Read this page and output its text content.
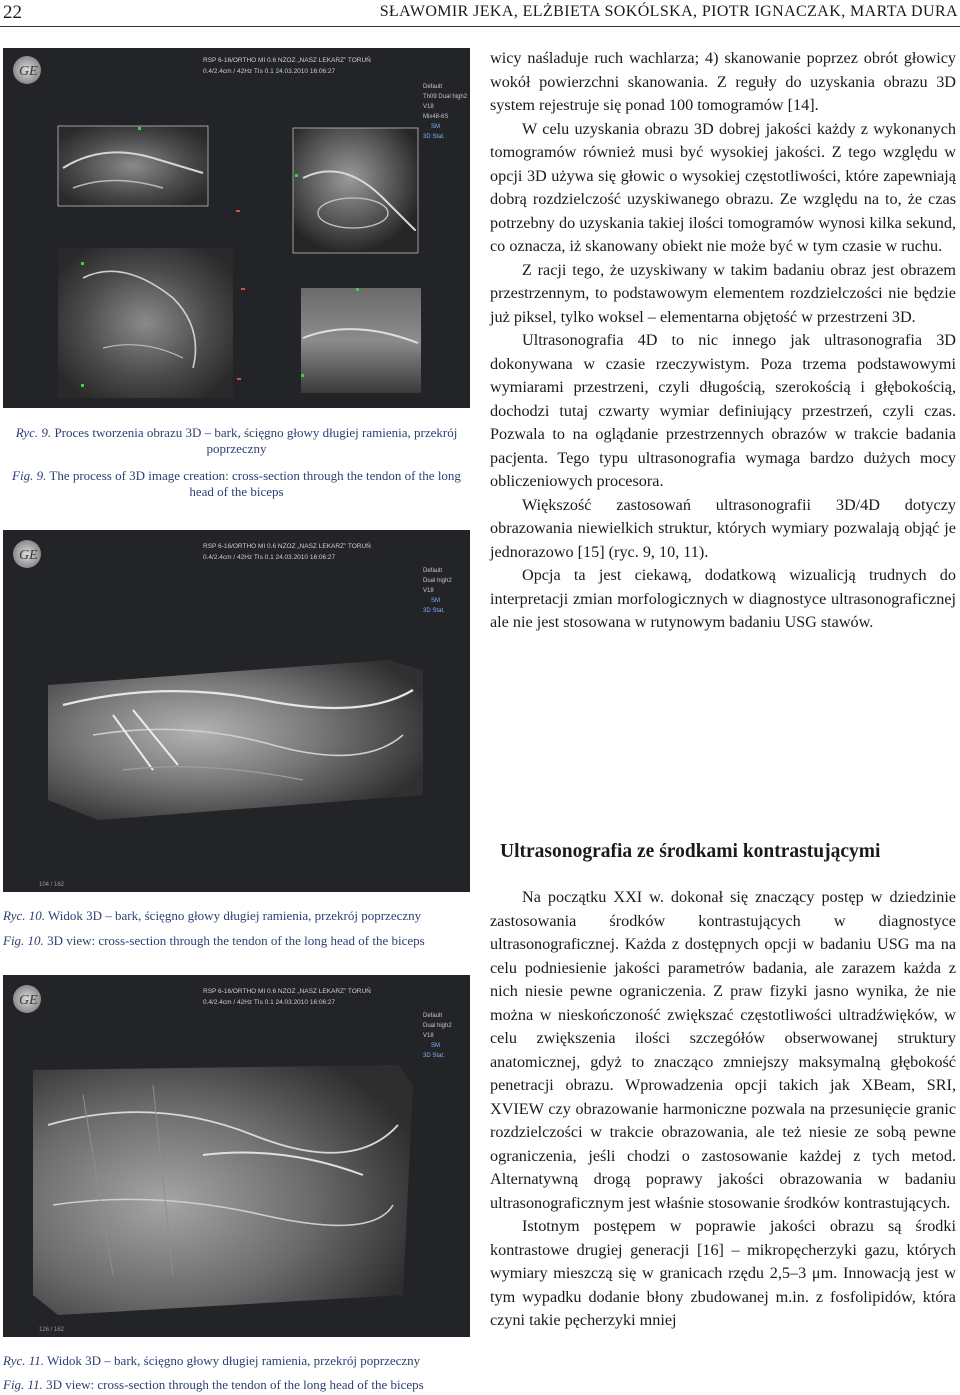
22	SŁAWOMIR JEKA, ELŻBIETA SOKÓLSKA, PIOTR IGNACZAK, MARTA DURA
GE
RSP 6-16/ORTHO MI 0.6 NZOZ „NASZ LEKARZ” TORUŃ
0.4/2.4cm / 42Hz TIs 0.1 24.03.2010 16:06:27
Default
Th09 Dual high2
V18
Mix48-6S
SM
3D Stat.
Ryc. 9. Proces tworzenia obrazu 3D – bark, ścięgno głowy długiej ramienia, przekrój poprzeczny
Fig. 9. The process of 3D image creation: cross-section through the tendon of the long head of the biceps
GE
RSP 6-16/ORTHO MI 0.6 NZOZ „NASZ LEKARZ” TORUŃ
0.4/2.4cm / 42Hz TIs 0.1 24.03.2010 16:06:27
Default
Dual high2
V18
SM
3D Stat.
104 / 162
Ryc. 10. Widok 3D – bark, ścięgno głowy długiej ramienia, przekrój poprzeczny
Fig. 10. 3D view: cross-section through the tendon of the long head of the biceps
GE
RSP 6-16/ORTHO MI 0.6 NZOZ „NASZ LEKARZ” TORUŃ
0.4/2.4cm / 42Hz TIs 0.1 24.03.2010 16:06:27
Default
Dual high2
V18
SM
3D Stat.
126 / 162
Ryc. 11. Widok 3D – bark, ścięgno głowy długiej ramienia, przekrój poprzeczny
Fig. 11. 3D view: cross-section through the tendon of the long head of the biceps

wicy naśladuje ruch wachlarza; 4) skanowanie poprzez obrót głowicy wokół powierzchni skanowania. Z reguły do uzyskania obrazu 3D system rejestruje się ponad 100 tomogramów [14].

W celu uzyskania obrazu 3D dobrej jakości każdy z wykonanych tomogramów również musi być wysokiej jakości. Z tego względu w opcji 3D używa się głowic o wysokiej częstotliwości, które zapewniają dobrą rozdzielczość uzyskiwanego obrazu. Ze względu na to, że czas potrzebny do uzyskania takiej ilości tomogramów wynosi kilka sekund, co oznacza, iż skanowany obiekt nie może być w tym czasie w ruchu.

Z racji tego, że uzyskiwany w takim badaniu obraz jest obrazem przestrzennym, to podstawowym elementem rozdzielczości nie będzie już piksel, tylko woksel – elementarna objętość w przestrzeni 3D.

Ultrasonografia 4D to nic innego jak ultrasonografia 3D dokonywana w czasie rzeczywistym. Poza trzema podstawowymi wymiarami przestrzeni, czyli długością, szerokością i głębokością, dochodzi tutaj czwarty wymiar definiujący przestrzeń, czyli czas. Pozwala to na oglądanie przestrzennych obrazów w trakcie badania pacjenta. Tego typu ultrasonografia wymaga bardzo dużych mocy obliczeniowych procesora.

Większość zastosowań ultrasonografii 3D/4D dotyczy obrazowania niewielkich struktur, których wymiary pozwalają objąć je jednorazowo [15] (ryc. 9, 10, 11).

Opcja ta jest ciekawą, dodatkową wizualicją trudnych do interpretacji zmian morfologicznych w diagnostyce ultrasonograficznej ale nie jest stosowana w rutynowym badaniu USG stawów.

Ultrasonografia ze środkami kontrastującymi

Na początku XXI w. dokonał się znaczący postęp w dziedzinie zastosowania środków kontrastujących w diagnostyce ultrasonograficznej. Każda z dostępnych opcji w badaniu USG ma na celu podniesienie jakości parametrów badania, ale zarazem każda z nich niesie pewne ograniczenia. Z praw fizyki jasno wynika, że nie można w nieskończoność zwiększać częstotliwości ultradźwięków, w celu zwiększenia ilości szczegółów obserwowanej struktury anatomicznej, gdyż to znacząco zmniejszy maksymalną głębokość penetracji obrazu. Wprowadzenia opcji takich jak XBeam, SRI, XVIEW czy obrazowanie harmoniczne pozwala na przesunięcie granic rozdzielczości w trakcie obrazowania, ale też niesie ze sobą pewne ograniczenia, jeśli chodzi o zastosowanie każdej z tych metod. Alternatywną drogą poprawy jakości obrazowania w badaniu ultrasonograficznym jest właśnie stosowanie środków kontrastujących.

Istotnym postępem w poprawie jakości obrazu są środki kontrastowe drugiej generacji [16] – mikropęcherzyki gazu, których wymiary mieszczą się w granicach rzędu 2,5–3 μm. Innowacją jest w tym wypadku dodanie błony zbudowanej m.in. z fosfolipidów, która czyni takie pęcherzyki mniej
